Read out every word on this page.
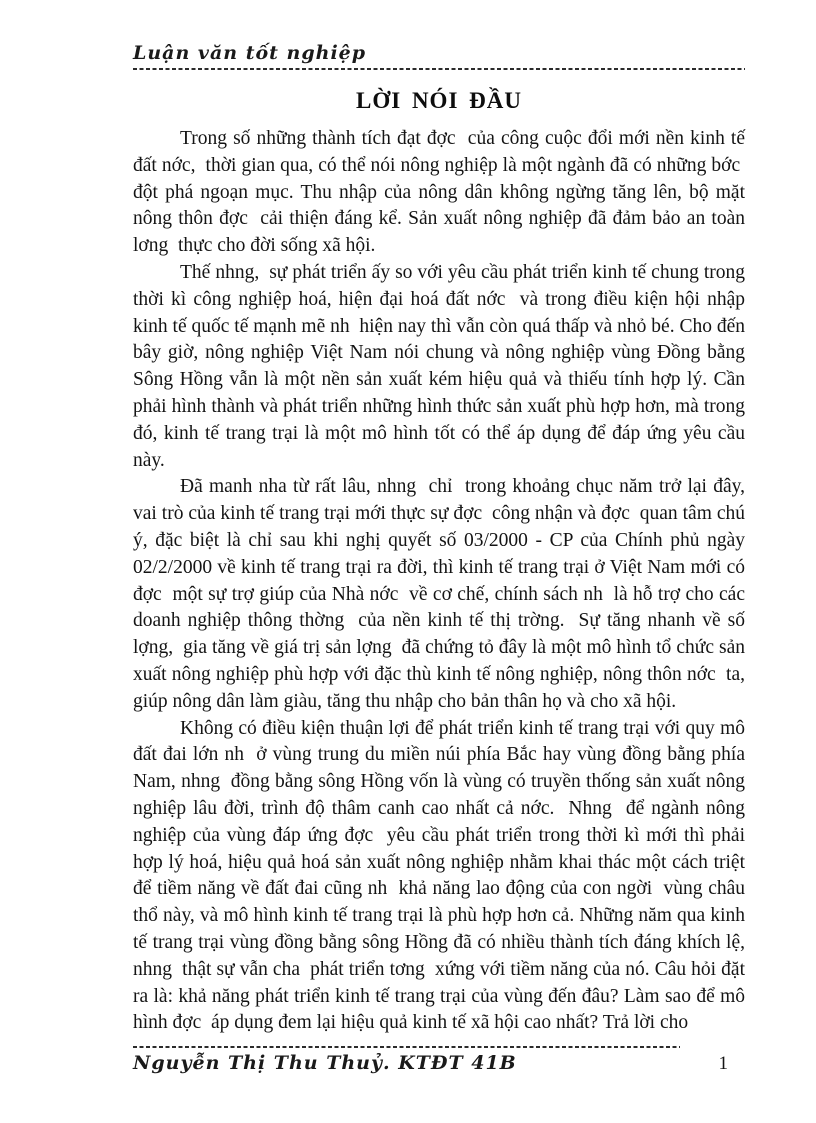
Luận văn tốt nghiệp
LỜI NÓI ĐẦU

Trong số những thành tích đạt đợc  của công cuộc đổi mới nền kinh tế đất nớc,  thời gian qua, có thể nói nông nghiệp là một ngành đã có những bớc  đột phá ngoạn mục. Thu nhập của nông dân không ngừng tăng lên, bộ mặt nông thôn đợc  cải thiện đáng kể. Sản xuất nông nghiệp đã đảm bảo an toàn lơng  thực cho đời sống xã hội.

Thế nhng,  sự phát triển ấy so với yêu cầu phát triển kinh tế chung trong thời kì công nghiệp hoá, hiện đại hoá đất nớc  và trong điều kiện hội nhập kinh tế quốc tế mạnh mẽ nh  hiện nay thì vẫn còn quá thấp và nhỏ bé. Cho đến bây giờ, nông nghiệp Việt Nam nói chung và nông nghiệp vùng Đồng bằng Sông Hồng vẫn là một nền sản xuất kém hiệu quả và thiếu tính hợp lý. Cần phải hình thành và phát triển những hình thức sản xuất phù hợp hơn, mà trong đó, kinh tế trang trại là một mô hình tốt có thể áp dụng để đáp ứng yêu cầu này.

Đã manh nha từ rất lâu, nhng  chỉ  trong khoảng chục năm trở lại đây, vai trò của kinh tế trang trại mới thực sự đợc  công nhận và đợc  quan tâm chú ý, đặc biệt là chỉ sau khi nghị quyết số 03/2000 - CP của Chính phủ ngày 02/2/2000 về kinh tế trang trại ra đời, thì kinh tế trang trại ở Việt Nam mới có đợc  một sự trợ giúp của Nhà nớc  về cơ chế, chính sách nh  là hỗ trợ cho các doanh nghiệp thông thờng  của nền kinh tế thị trờng.  Sự tăng nhanh về số lợng,  gia tăng về giá trị sản lợng  đã chứng tỏ đây là một mô hình tổ chức sản xuất nông nghiệp phù hợp với đặc thù kinh tế nông nghiệp, nông thôn nớc  ta, giúp nông dân làm giàu, tăng thu nhập cho bản thân họ và cho xã hội.

Không có điều kiện thuận lợi để phát triển kinh tế trang trại với quy mô đất đai lớn nh  ở vùng trung du miền núi phía Bắc hay vùng đồng bằng phía Nam, nhng  đồng bằng sông Hồng vốn là vùng có truyền thống sản xuất nông nghiệp lâu đời, trình độ thâm canh cao nhất cả nớc.  Nhng  để ngành nông nghiệp của vùng đáp ứng đợc  yêu cầu phát triển trong thời kì mới thì phải hợp lý hoá, hiệu quả hoá sản xuất nông nghiệp nhằm khai thác một cách triệt để tiềm năng về đất đai cũng nh  khả năng lao động của con ngời  vùng châu thổ này, và mô hình kinh tế trang trại là phù hợp hơn cả. Những năm qua kinh tế trang trại vùng đồng bằng sông Hồng đã có nhiều thành tích đáng khích lệ, nhng  thật sự vẫn cha  phát triển tơng  xứng với tiềm năng của nó. Câu hỏi đặt ra là: khả năng phát triển kinh tế trang trại của vùng đến đâu? Làm sao để mô hình đợc  áp dụng đem lại hiệu quả kinh tế xã hội cao nhất? Trả lời cho

Nguyễn Thị Thu Thuỷ. KTĐT 41B	1
